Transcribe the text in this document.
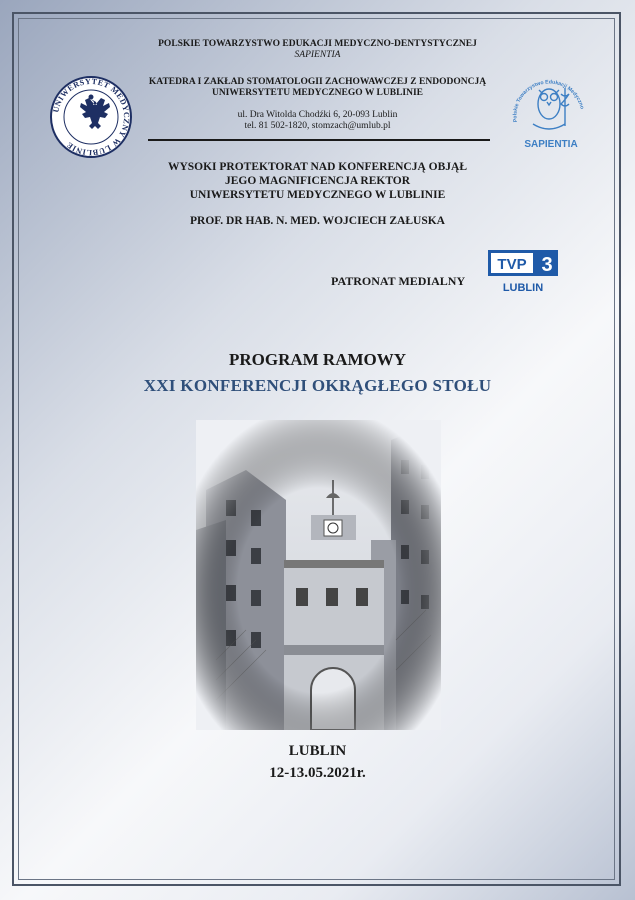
POLSKIE TOWARZYSTWO EDUKACJI MEDYCZNO-DENTYSTYCZNEJ
SAPIENTIA
KATEDRA I ZAKŁAD STOMATOLOGII ZACHOWAWCZEJ Z ENDODONCJĄ
UNIWERSYTETU MEDYCZNEGO W LUBLINIE
ul. Dra Witolda Chodźki 6, 20-093 Lublin
tel. 81 502-1820, stomzach@umlub.pl
UNIWERSYTET MEDYCZNY W LUBLINIE
Polskie Towarzystwo Edukacji Medyczno
SAPIENTIA
WYSOKI PROTEKTORAT NAD KONFERENCJĄ OBJĄŁ
JEGO MAGNIFICENCJA REKTOR
UNIWERSYTETU MEDYCZNEGO W LUBLINIE
PROF. DR HAB. N. MED. WOJCIECH ZAŁUSKA
PATRONAT MEDIALNY
TVP 3
LUBLIN
PROGRAM RAMOWY
XXI KONFERENCJI OKRĄGŁEGO STOŁU
LUBLIN
12-13.05.2021r.
